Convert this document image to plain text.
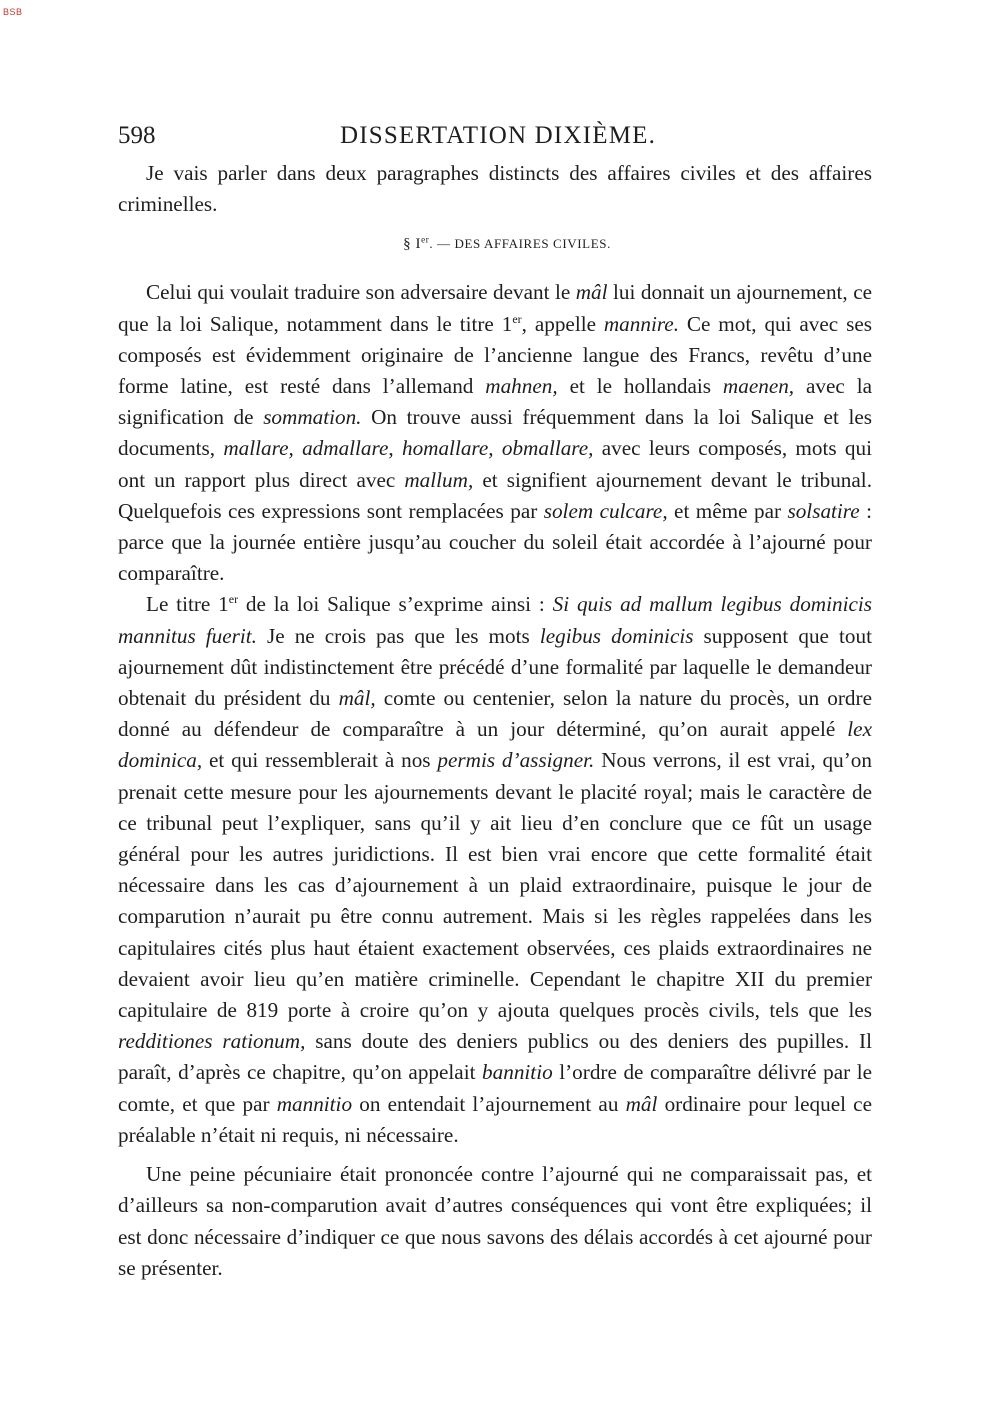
BSB
598	DISSERTATION DIXIÈME.

Je vais parler dans deux paragraphes distincts des affaires civiles et des affaires criminelles.

§ Ier. — DES AFFAIRES CIVILES.

Celui qui voulait traduire son adversaire devant le mâl lui donnait un ajournement, ce que la loi Salique, notamment dans le titre 1er, appelle mannire. Ce mot, qui avec ses composés est évidemment originaire de l’ancienne langue des Francs, revêtu d’une forme latine, est resté dans l’allemand mahnen, et le hollandais maenen, avec la signification de sommation. On trouve aussi fréquemment dans la loi Salique et les documents, mallare, admallare, homallare, obmallare, avec leurs composés, mots qui ont un rapport plus direct avec mallum, et signifient ajournement devant le tribunal. Quelquefois ces expressions sont remplacées par solem culcare, et même par solsatire : parce que la journée entière jusqu’au coucher du soleil était accordée à l’ajourné pour comparaître.

Le titre 1er de la loi Salique s’exprime ainsi : Si quis ad mallum legibus dominicis mannitus fuerit. Je ne crois pas que les mots legibus dominicis supposent que tout ajournement dût indistinctement être précédé d’une formalité par laquelle le demandeur obtenait du président du mâl, comte ou centenier, selon la nature du procès, un ordre donné au défendeur de comparaître à un jour déterminé, qu’on aurait appelé lex dominica, et qui ressemblerait à nos permis d’assigner. Nous verrons, il est vrai, qu’on prenait cette mesure pour les ajournements devant le placité royal; mais le caractère de ce tribunal peut l’expliquer, sans qu’il y ait lieu d’en conclure que ce fût un usage général pour les autres juridictions. Il est bien vrai encore que cette formalité était nécessaire dans les cas d’ajournement à un plaid extraordinaire, puisque le jour de comparution n’aurait pu être connu autrement. Mais si les règles rappelées dans les capitulaires cités plus haut étaient exactement observées, ces plaids extraordinaires ne devaient avoir lieu qu’en matière criminelle. Cependant le chapitre XII du premier capitulaire de 819 porte à croire qu’on y ajouta quelques procès civils, tels que les redditiones rationum, sans doute des deniers publics ou des deniers des pupilles. Il paraît, d’après ce chapitre, qu’on appelait bannitio l’ordre de comparaître délivré par le comte, et que par mannitio on entendait l’ajournement au mâl ordinaire pour lequel ce préalable n’était ni requis, ni nécessaire.

Une peine pécuniaire était prononcée contre l’ajourné qui ne comparaissait pas, et d’ailleurs sa non-comparution avait d’autres conséquences qui vont être expliquées; il est donc nécessaire d’indiquer ce que nous savons des délais accordés à cet ajourné pour se présenter.
